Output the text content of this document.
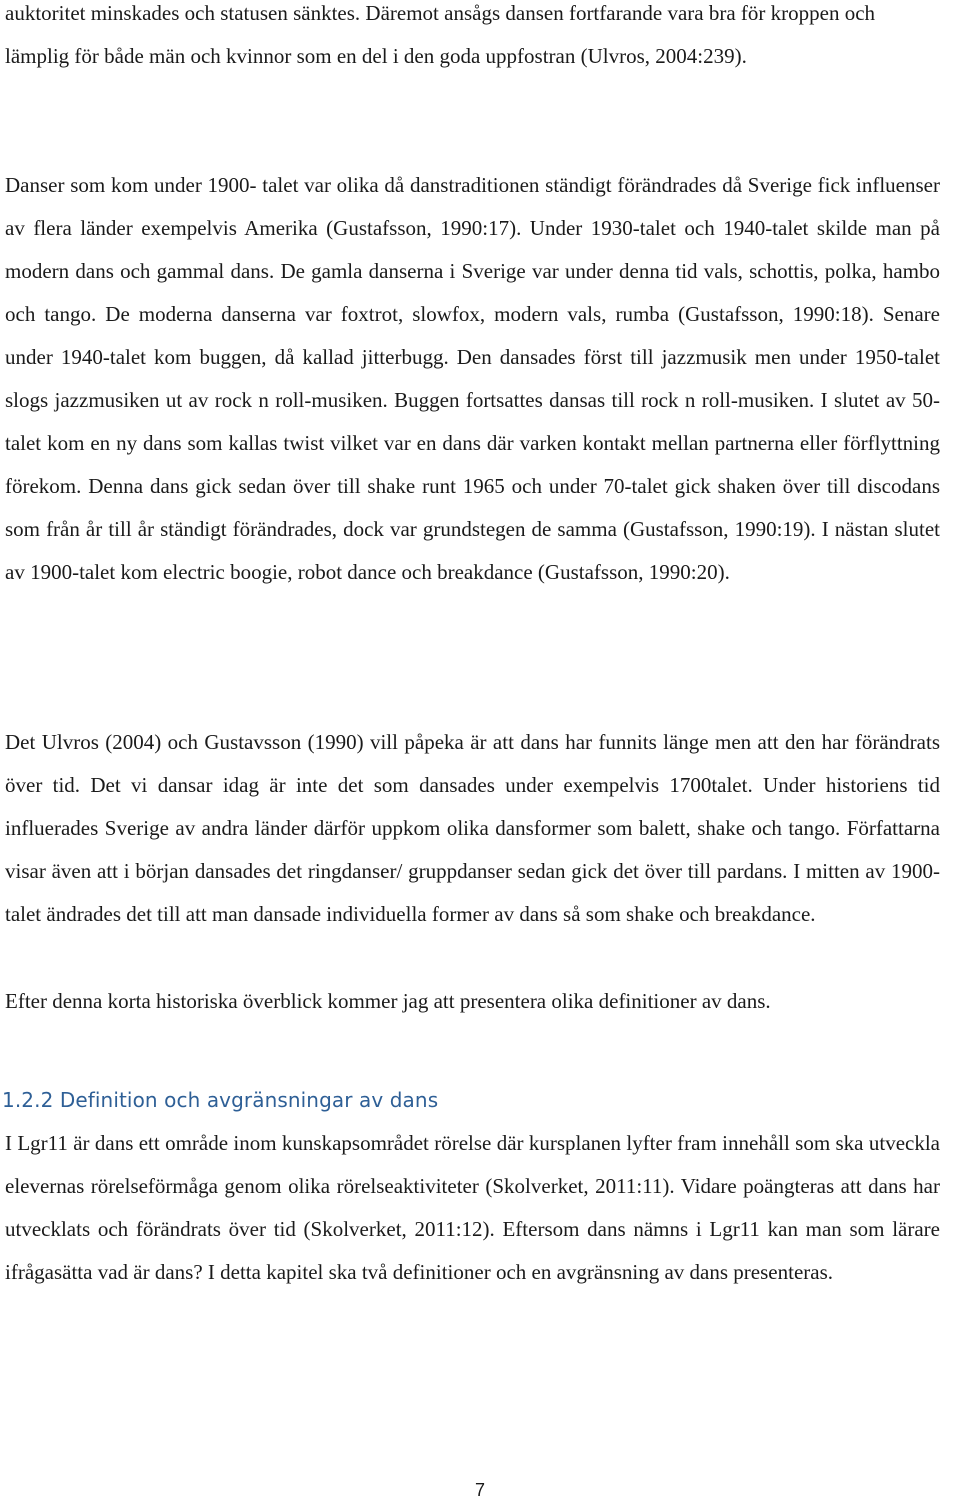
auktoritet minskades och statusen sänktes. Däremot ansågs dansen fortfarande vara bra för kroppen och lämplig för både män och kvinnor som en del i den goda uppfostran (Ulvros, 2004:239).

Danser som kom under 1900- talet var olika då danstraditionen ständigt förändrades då Sverige fick influenser av flera länder exempelvis Amerika (Gustafsson, 1990:17). Under 1930-talet och 1940-talet skilde man på modern dans och gammal dans. De gamla danserna i Sverige var under denna tid vals, schottis, polka, hambo och tango. De moderna danserna var foxtrot, slowfox, modern vals, rumba (Gustafsson, 1990:18). Senare under 1940-talet kom buggen, då kallad jitterbugg. Den dansades först till jazzmusik men under 1950-talet slogs jazzmusiken ut av rock n roll-musiken. Buggen fortsattes dansas till rock n roll-musiken. I slutet av 50-talet kom en ny dans som kallas twist vilket var en dans där varken kontakt mellan partnerna eller förflyttning förekom. Denna dans gick sedan över till shake runt 1965 och under 70-talet gick shaken över till discodans som från år till år ständigt förändrades, dock var grundstegen de samma (Gustafsson, 1990:19). I nästan slutet av 1900-talet kom electric boogie, robot dance och breakdance (Gustafsson, 1990:20).

Det Ulvros (2004) och Gustavsson (1990) vill påpeka är att dans har funnits länge men att den har förändrats över tid. Det vi dansar idag är inte det som dansades under exempelvis 1700talet. Under historiens tid influerades Sverige av andra länder därför uppkom olika dansformer som balett, shake och tango. Författarna visar även att i början dansades det ringdanser/ gruppdanser sedan gick det över till pardans. I mitten av 1900-talet ändrades det till att man dansade individuella former av dans så som shake och breakdance.

Efter denna korta historiska överblick kommer jag att presentera olika definitioner av dans.

1.2.2 Definition och avgränsningar av dans

I Lgr11 är dans ett område inom kunskapsområdet rörelse där kursplanen lyfter fram innehåll som ska utveckla elevernas rörelseförmåga genom olika rörelseaktiviteter (Skolverket, 2011:11). Vidare poängteras att dans har utvecklats och förändrats över tid (Skolverket, 2011:12). Eftersom dans nämns i Lgr11 kan man som lärare ifrågasätta vad är dans? I detta kapitel ska två definitioner och en avgränsning av dans presenteras.

7
